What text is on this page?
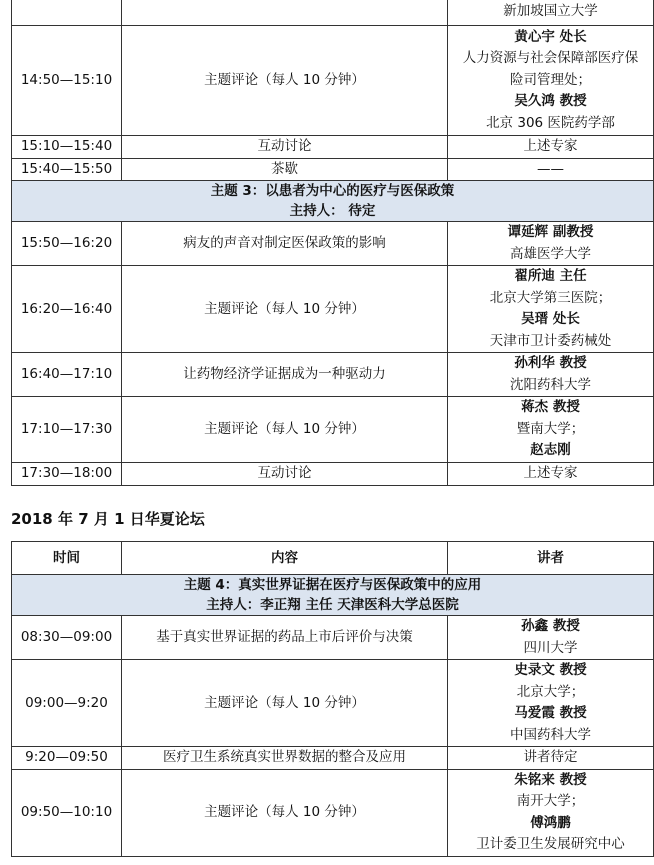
		新加坡国立大学

14:50—15:10	主题评论（每人 10 分钟）	黄心宇 处长
人力资源与社会保障部医疗保
险司管理处；
吴久鸿 教授
北京 306 医院药学部

15:10—15:40	互动讨论	上述专家

15:40—15:50	茶歇	——

主题 3：以患者为中心的医疗与医保政策
主持人： 待定		

15:50—16:20	病友的声音对制定医保政策的影响	谭延辉 副教授
高雄医学大学

16:20—16:40	主题评论（每人 10 分钟）	翟所迪 主任
北京大学第三医院；
吴瑨 处长
天津市卫计委药械处

16:40—17:10	让药物经济学证据成为一种驱动力	孙利华 教授
沈阳药科大学

17:10—17:30	主题评论（每人 10 分钟）	蒋杰 教授
暨南大学；
赵志刚

17:30—18:00	互动讨论	上述专家
2018 年 7 月 1 日华夏论坛
时间	内容	讲者

主题 4：真实世界证据在医疗与医保政策中的应用
主持人：李正翔 主任 天津医科大学总医院		

08:30—09:00	基于真实世界证据的药品上市后评价与决策	孙鑫 教授
四川大学

09:00—9:20	主题评论（每人 10 分钟）	史录文 教授
北京大学；
马爱霞 教授
中国药科大学

9:20—09:50	医疗卫生系统真实世界数据的整合及应用	讲者待定

09:50—10:10	主题评论（每人 10 分钟）	朱铭来 教授
南开大学；
傅鸿鹏
卫计委卫生发展研究中心
